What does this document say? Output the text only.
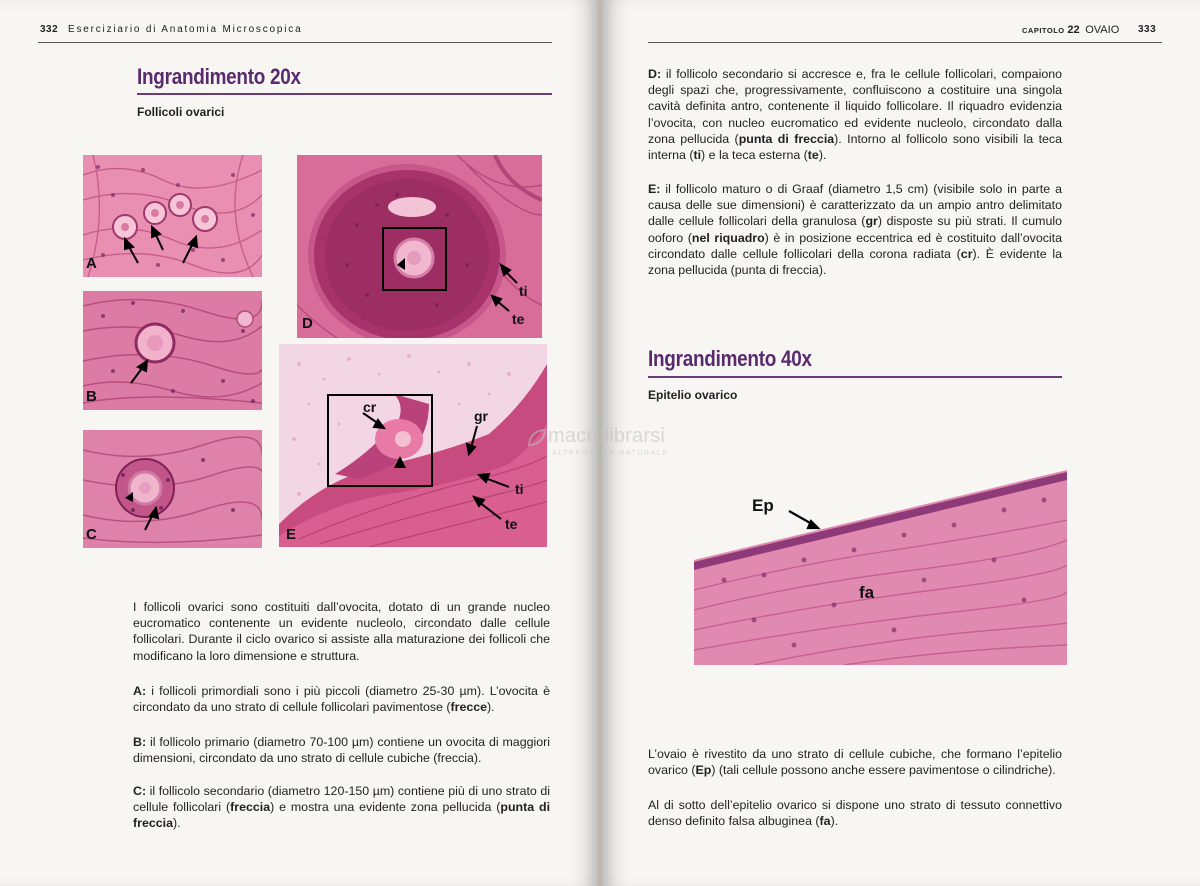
332 Eserciziario di Anatomia Microscopica
Ingrandimento 20x
Follicoli ovarici
A
B
C
D
ti
te
E
cr
gr
ti
te
I follicoli ovarici sono costituiti dall’ovocita, dotato di un grande nucleo eucromatico contenente un evidente nucleolo, circondato dalle cellule follicolari. Durante il ciclo ovarico si assiste alla maturazione dei follicoli che modificano la loro dimensione e struttura.
A: i follicoli primordiali sono i più piccoli (diametro 25-30 µm). L’ovocita è circondato da uno strato di cellule follicolari pavimentose (frecce).
B: il follicolo primario (diametro 70-100 µm) contiene un ovocita di maggiori dimensioni, circondato da uno strato di cellule cubiche (freccia).
C: il follicolo secondario (diametro 120-150 µm) contiene più di uno strato di cellule follicolari (freccia) e mostra una evidente zona pellucida (punta di freccia).
CAPITOLO 22 OVAIO 333
D: il follicolo secondario si accresce e, fra le cellule follicolari, compaiono degli spazi che, progressivamente, confluiscono a costituire una singola cavità definita antro, contenente il liquido follicolare. Il riquadro evidenzia l’ovocita, con nucleo eucromatico ed evidente nucleolo, circondato dalla zona pellucida (punta di freccia). Intorno al follicolo sono visibili la teca interna (ti) e la teca esterna (te).
E: il follicolo maturo o di Graaf (diametro 1,5 cm) (visibile solo in parte a causa delle sue dimensioni) è caratterizzato da un ampio antro delimitato dalle cellule follicolari della granulosa (gr) disposte su più strati. Il cumulo ooforo (nel riquadro) è in posizione eccentrica ed è costituito dall’ovocita circondato dalle cellule follicolari della corona radiata (cr). È evidente la zona pellucida (punta di freccia).
Ingrandimento 40x
Epitelio ovarico
Ep
fa
L’ovaio è rivestito da uno strato di cellule cubiche, che formano l’epitelio ovarico (Ep) (tali cellule possono anche essere pavimentose o cilindriche).
Al di sotto dell’epitelio ovarico si dispone uno strato di tessuto connettivo denso definito falsa albuginea (fa).
macrolibrarsi
ALTERNATIVA NATURALE
